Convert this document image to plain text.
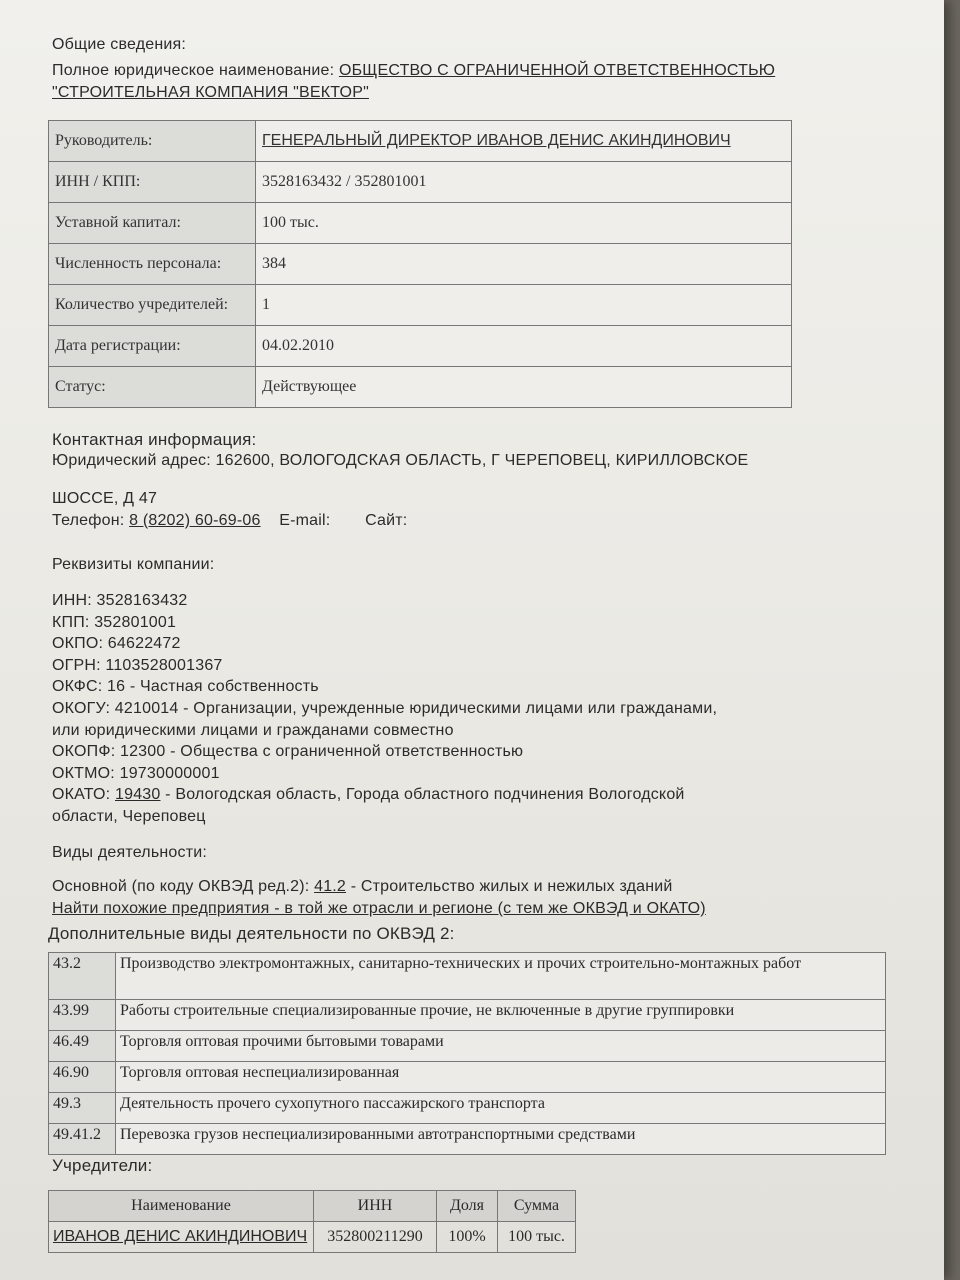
Общие сведения:
Полное юридическое наименование: ОБЩЕСТВО С ОГРАНИЧЕННОЙ ОТВЕТСТВЕННОСТЬЮ
"СТРОИТЕЛЬНАЯ КОМПАНИЯ "ВЕКТОР"
Руководитель:	ГЕНЕРАЛЬНЫЙ ДИРЕКТОР ИВАНОВ ДЕНИС АКИНДИНОВИЧ
ИНН / КПП:	3528163432 / 352801001
Уставной капитал:	100 тыс.
Численность персонала:	384
Количество учредителей:	1
Дата регистрации:	04.02.2010
Статус:	Действующее
Контактная информация:
Юридический адрес: 162600, ВОЛОГОДСКАЯ ОБЛАСТЬ, Г ЧЕРЕПОВЕЦ, КИРИЛЛОВСКОЕ
ШОССЕ, Д 47
Телефон: 8 (8202) 60-69-06 E-mail: Сайт:
Реквизиты компании:
ИНН: 3528163432
КПП: 352801001
ОКПО: 64622472
ОГРН: 1103528001367
ОКФС: 16 - Частная собственность
ОКОГУ: 4210014 - Организации, учрежденные юридическими лицами или гражданами,
или юридическими лицами и гражданами совместно
ОКОПФ: 12300 - Общества с ограниченной ответственностью
ОКТМО: 19730000001
ОКАТО: 19430 - Вологодская область, Города областного подчинения Вологодской
области, Череповец
Виды деятельности:
Основной (по коду ОКВЭД ред.2): 41.2 - Строительство жилых и нежилых зданий
Найти похожие предприятия - в той же отрасли и регионе (с тем же ОКВЭД и ОКАТО)
Дополнительные виды деятельности по ОКВЭД 2:
43.2	Производство электромонтажных, санитарно-технических и прочих строительно-монтажных работ
43.99	Работы строительные специализированные прочие, не включенные в другие группировки
46.49	Торговля оптовая прочими бытовыми товарами
46.90	Торговля оптовая неспециализированная
49.3	Деятельность прочего сухопутного пассажирского транспорта
49.41.2	Перевозка грузов неспециализированными автотранспортными средствами
Учредители:
Наименование	ИНН	Доля	Сумма
ИВАНОВ ДЕНИС АКИНДИНОВИЧ	352800211290	100%	100 тыс.
